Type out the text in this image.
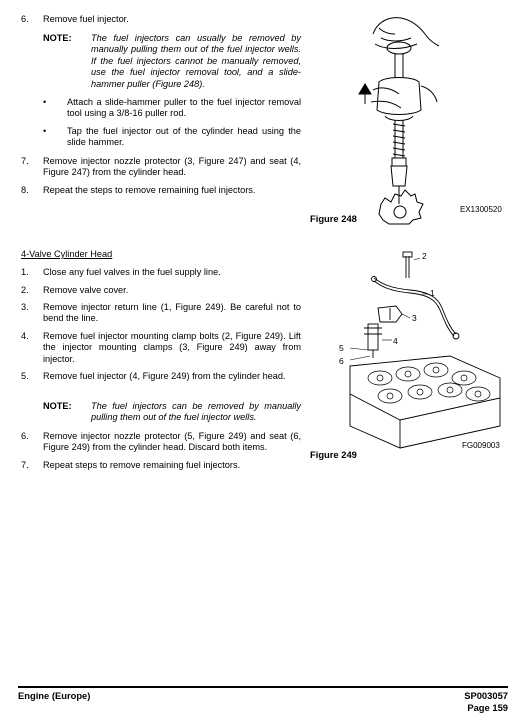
6. Remove fuel injector.
NOTE: The fuel injectors can usually be removed by manually pulling them out of the fuel injector wells. If the fuel injectors cannot be manually removed, use the fuel injector removal tool, and a slide-hammer puller (Figure 248).
• Attach a slide-hammer puller to the fuel injector removal tool using a 3/8-16 puller rod.
• Tap the fuel injector out of the cylinder head using the slide hammer.
7. Remove injector nozzle protector (3, Figure 247) and seat (4, Figure 247) from the cylinder head.
8. Repeat the steps to remove remaining fuel injectors.
EX1300520
Figure 248
4-Valve Cylinder Head
1. Close any fuel valves in the fuel supply line.
2. Remove valve cover.
3. Remove injector return line (1, Figure 249). Be careful not to bend the line.
4. Remove fuel injector mounting clamp bolts (2, Figure 249). Lift the injector mounting clamps (3, Figure 249) away from injector.
5. Remove fuel injector (4, Figure 249) from the cylinder head.
NOTE: The fuel injectors can be removed by manually pulling them out of the fuel injector wells.
6. Remove injector nozzle protector (5, Figure 249) and seat (6, Figure 249) from the cylinder head. Discard both items.
7. Repeat steps to remove remaining fuel injectors.
2
1
3
4
5
6
FG009003
Figure 249
Engine (Europe)	SP003057
Page 159
